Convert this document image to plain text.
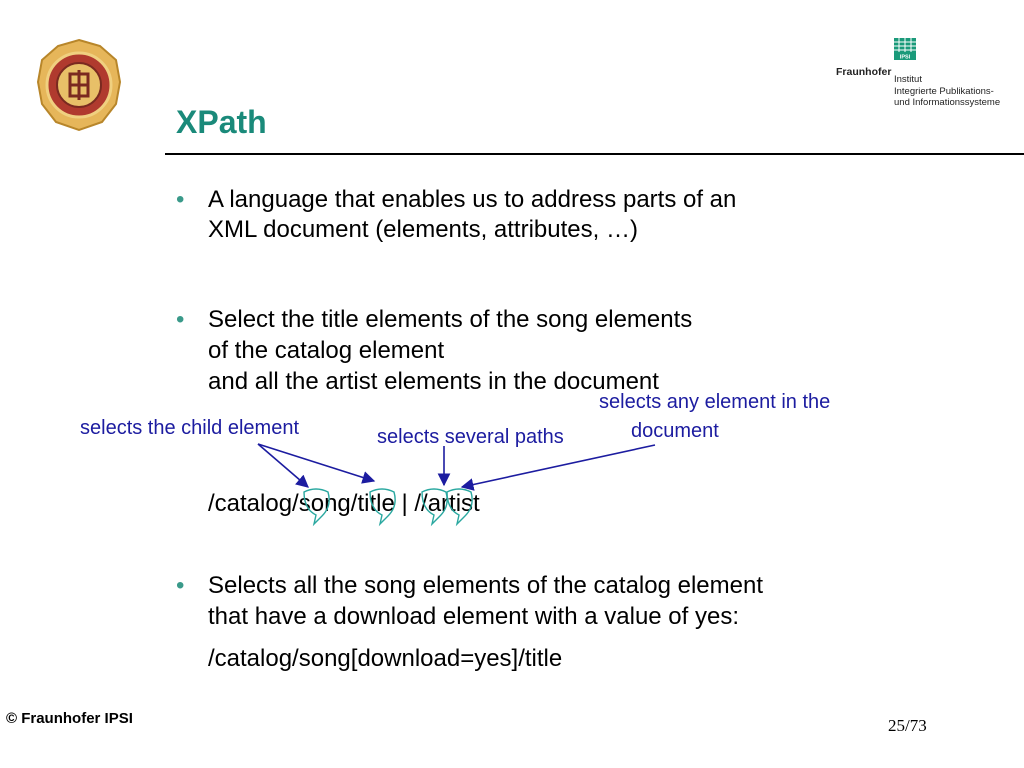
IPSI
Fraunhofer
Institut
Integrierte Publikations-
und Informationssysteme
XPath
• A language that enables us to address parts of an
XML document (elements, attributes, …)
• Select the title elements of the song elements
of the catalog element
and all the artist elements in the document
selects the child element	selects several paths
selects any element in the
document
/catalog/song/title | //artist
• Selects all the song elements of the catalog element
that have a download element with a value of yes:
/catalog/song[download=yes]/title
© Fraunhofer IPSI	25/73
